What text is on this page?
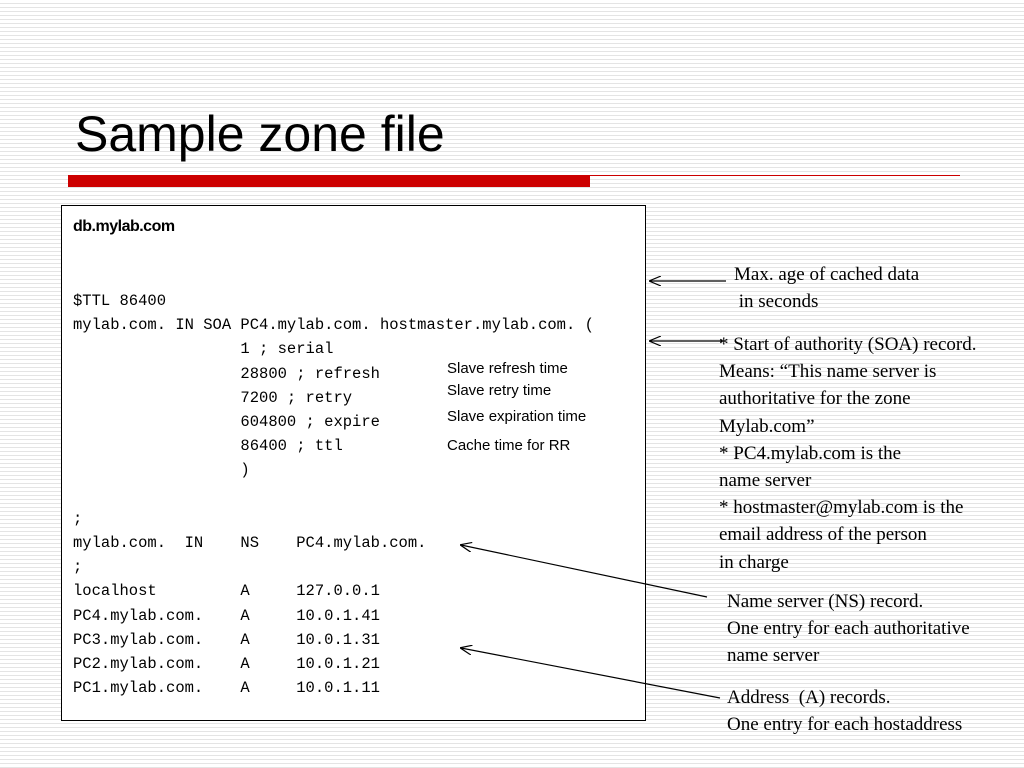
Sample zone file

db.mylab.com

$TTL 86400
mylab.com. IN SOA PC4.mylab.com. hostmaster.mylab.com. (
1 ; serial
28800 ; refresh
7200 ; retry
604800 ; expire
86400 ; ttl
)

;
mylab.com.  IN    NS    PC4.mylab.com.
;
localhost         A     127.0.0.1
PC4.mylab.com.    A     10.0.1.41
PC3.mylab.com.    A     10.0.1.31
PC2.mylab.com.    A     10.0.1.21
PC1.mylab.com.    A     10.0.1.11

Slave refresh time
Slave retry time
Slave expiration time
Cache time for RR

Max. age of cached data
in seconds

* Start of authority (SOA) record.
Means: “This name server is
authoritative for the zone
Mylab.com”
* PC4.mylab.com is the
name server
* hostmaster@mylab.com is the
email address of the person
in charge

Name server (NS) record.
One entry for each authoritative
name server

Address  (A) records.
One entry for each hostaddress
